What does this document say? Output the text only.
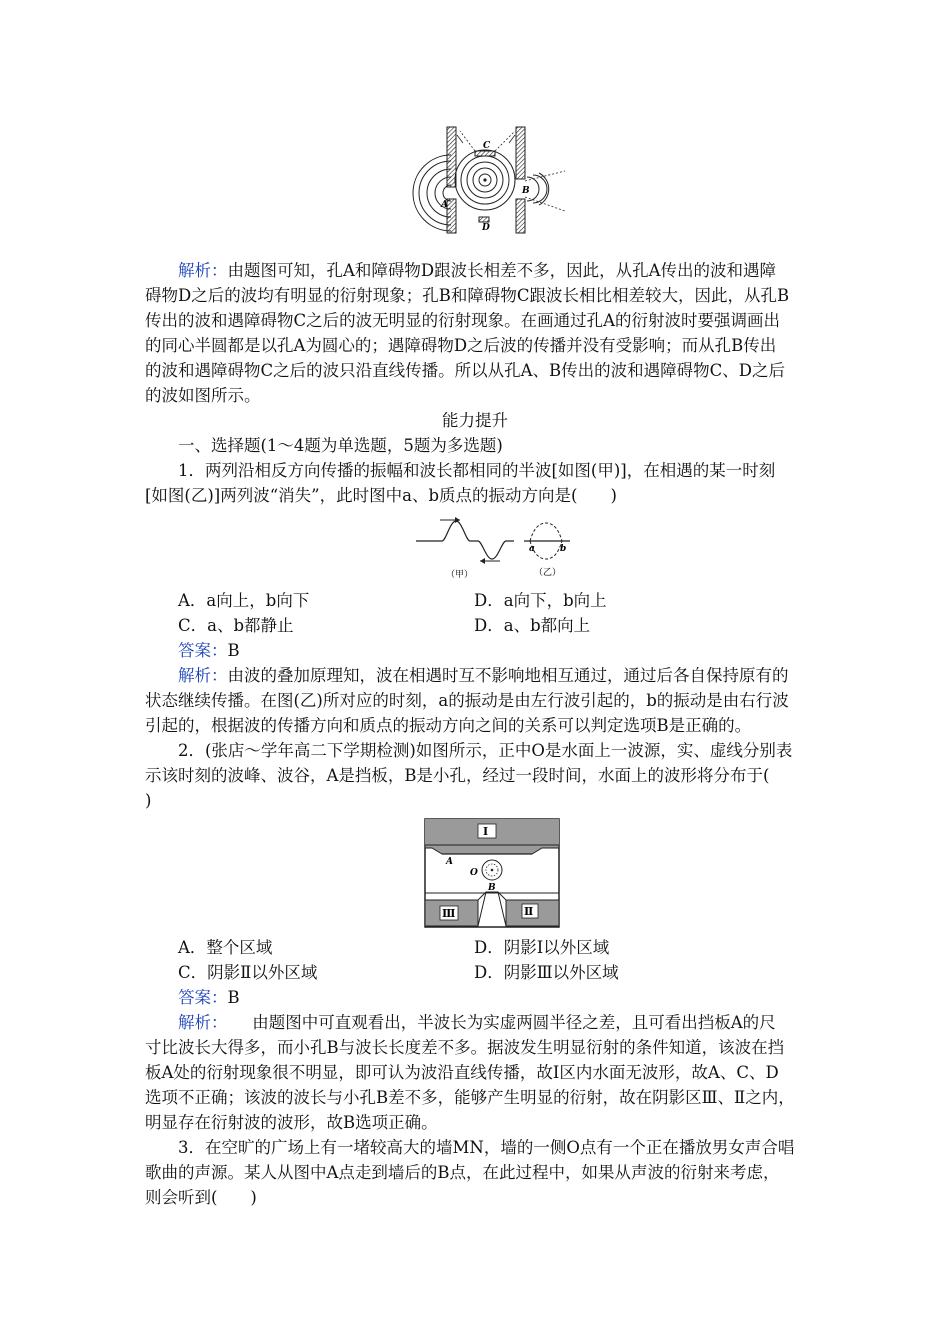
C
B
A
D
解析：由题图可知，孔A和障碍物D跟波长相差不多，因此，从孔A传出的波和遇障
碍物D之后的波均有明显的衍射现象；孔B和障碍物C跟波长相比相差较大，因此，从孔B
传出的波和遇障碍物C之后的波无明显的衍射现象。在画通过孔A的衍射波时要强调画出
的同心半圆都是以孔A为圆心的；遇障碍物D之后波的传播并没有受影响；而从孔B传出
的波和遇障碍物C之后的波只沿直线传播。所以从孔A、B传出的波和遇障碍物C、D之后
的波如图所示。
能力提升
一、选择题(1～4题为单选题，5题为多选题)
1．两列沿相反方向传播的振幅和波长都相同的半波[如图(甲)]，在相遇的某一时刻
[如图(乙)]两列波“消失”，此时图中a、b质点的振动方向是(　　)
a	b
（甲）	（乙）
A．a向上，b向下	D．a向下，b向上
C．a、b都静止	D．a、b都向上
答案：B
解析：由波的叠加原理知，波在相遇时互不影响地相互通过，通过后各自保持原有的
状态继续传播。在图(乙)所对应的时刻，a的振动是由左行波引起的，b的振动是由右行波
引起的，根据波的传播方向和质点的振动方向之间的关系可以判定选项B是正确的。
2．(张店～学年高二下学期检测)如图所示，正中O是水面上一波源，实、虚线分别表
示该时刻的波峰、波谷，A是挡板，B是小孔，经过一段时间，水面上的波形将分布于(
)
Ⅰ
A
O
B
Ⅲ	Ⅱ
A．整个区域	D．阴影Ⅰ以外区域
C．阴影Ⅱ以外区域	D．阴影Ⅲ以外区域
答案：B
解析：　　由题图中可直观看出，半波长为实虚两圆半径之差，且可看出挡板A的尺
寸比波长大得多，而小孔B与波长长度差不多。据波发生明显衍射的条件知道，该波在挡
板A处的衍射现象很不明显，即可认为波沿直线传播，故Ⅰ区内水面无波形，故A、C、D
选项不正确；该波的波长与小孔B差不多，能够产生明显的衍射，故在阴影区Ⅲ、Ⅱ之内，
明显存在衍射波的波形，故B选项正确。
3．在空旷的广场上有一堵较高大的墙MN，墙的一侧O点有一个正在播放男女声合唱
歌曲的声源。某人从图中A点走到墙后的B点，在此过程中，如果从声波的衍射来考虑，
则会听到(　　)
